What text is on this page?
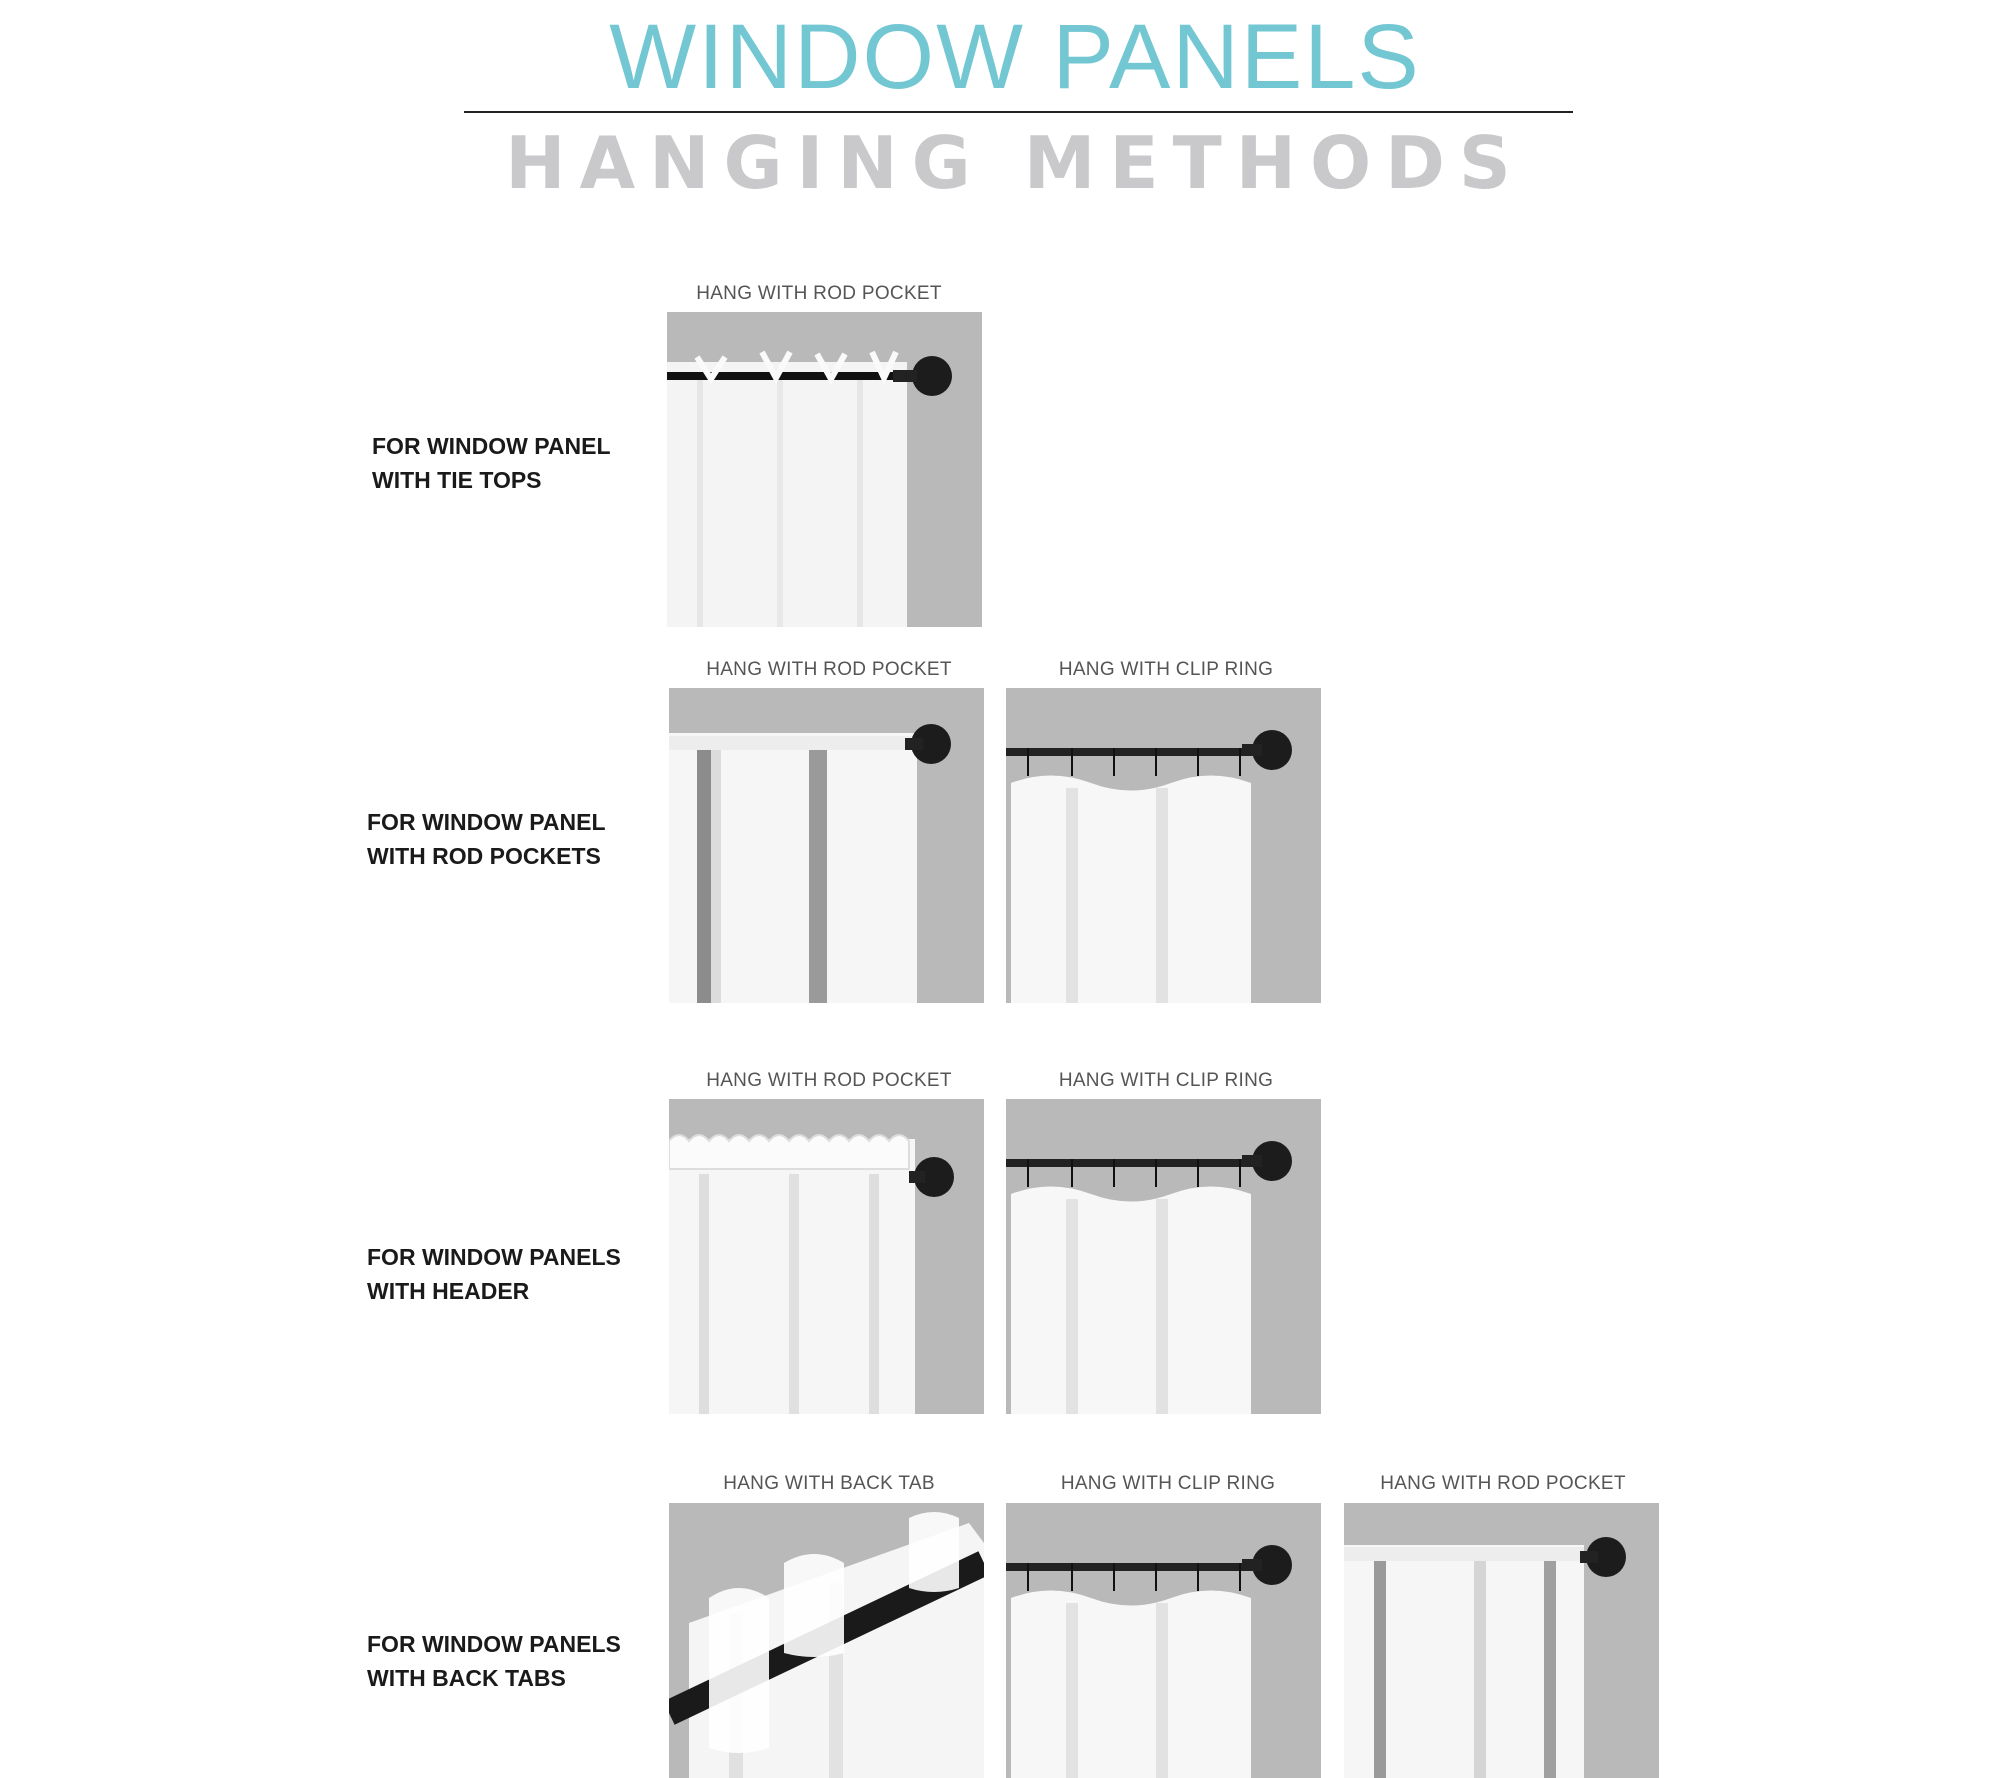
WINDOW PANELS
HANGING METHODS
FOR WINDOW PANEL
WITH TIE TOPS
HANG WITH ROD POCKET
FOR WINDOW PANEL
WITH ROD POCKETS
HANG WITH ROD POCKET	HANG WITH CLIP RING
FOR WINDOW PANELS
WITH HEADER
HANG WITH ROD POCKET	HANG WITH CLIP RING
FOR WINDOW PANELS
WITH BACK TABS
HANG WITH BACK TAB	HANG WITH CLIP RING	HANG WITH ROD POCKET
